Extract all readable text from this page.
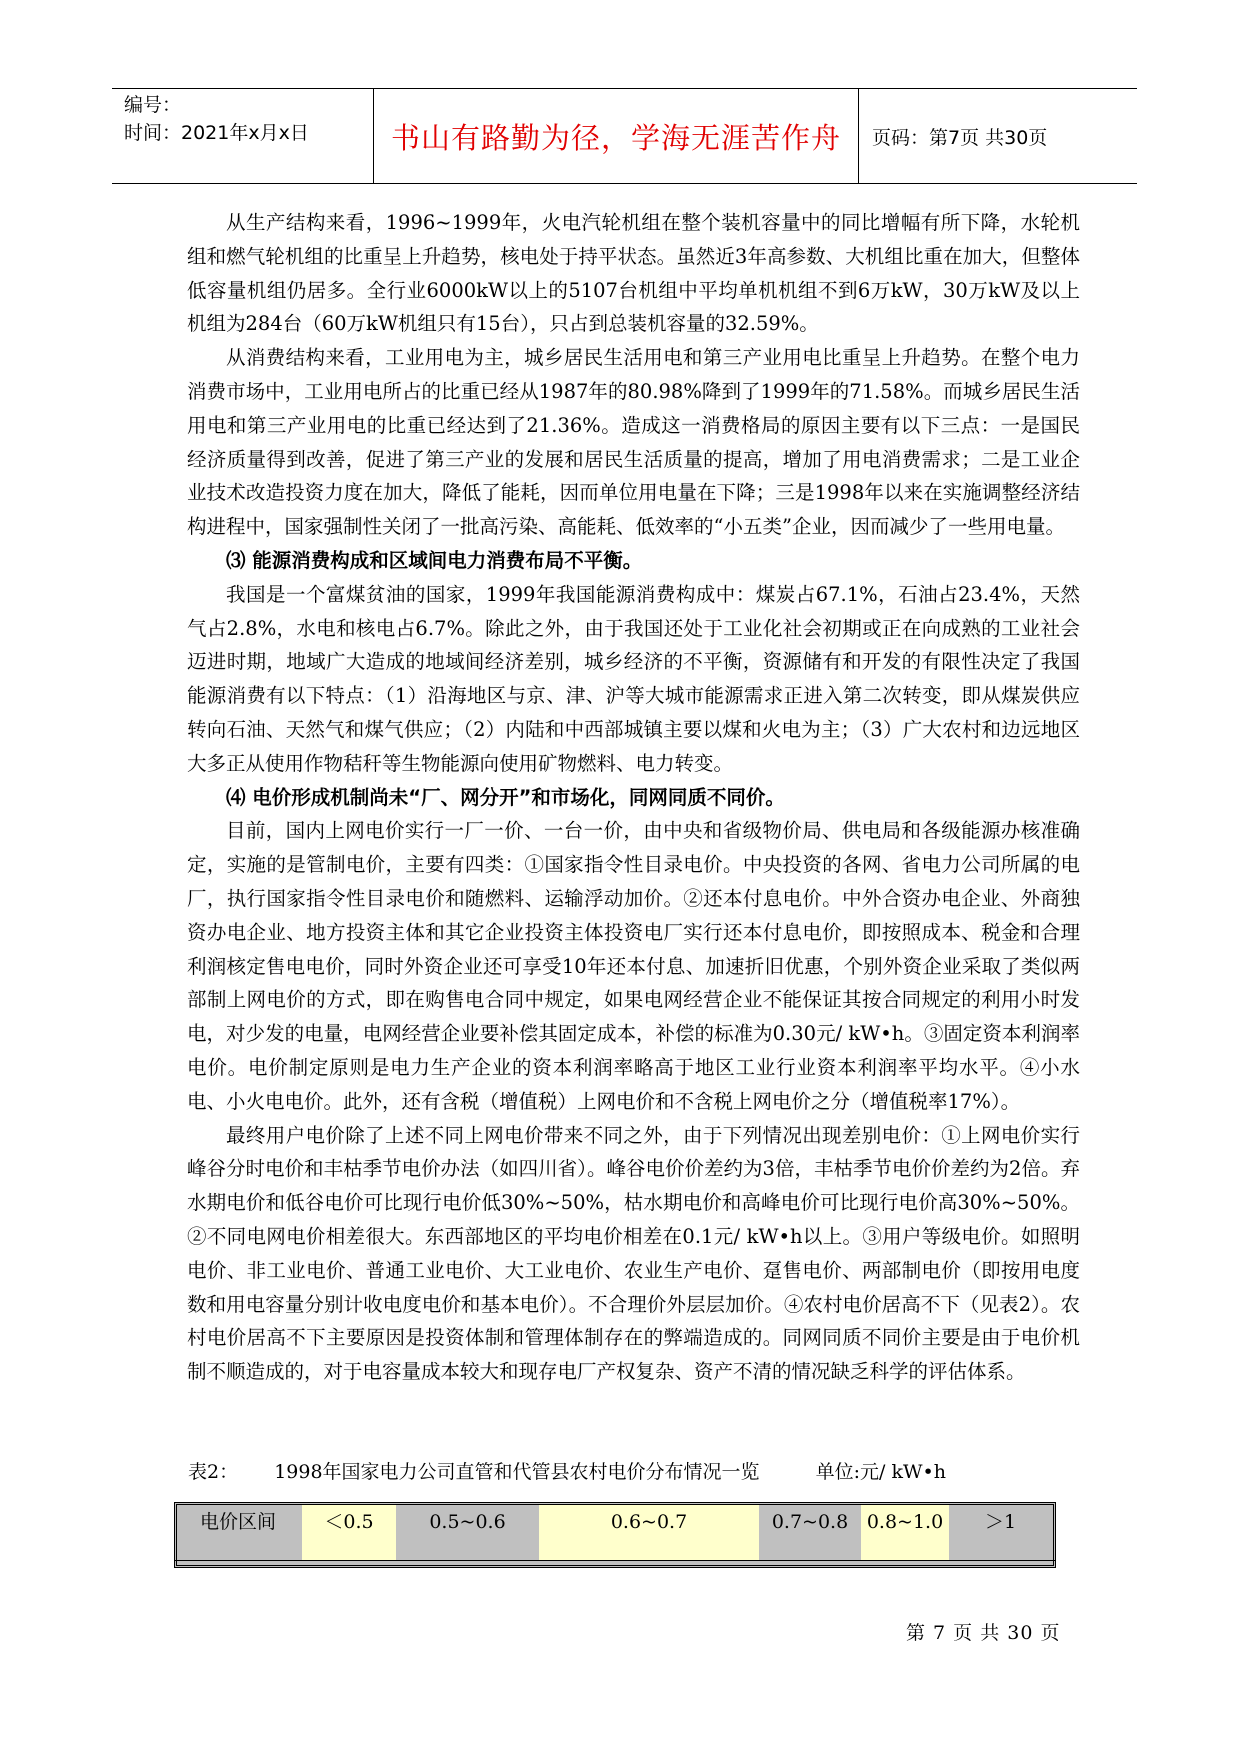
编号：
时间：2021年x月x日	书山有路勤为径，学海无涯苦作舟	页码：第7页 共30页

从生产结构来看，1996~1999年，火电汽轮机组在整个装机容量中的同比增幅有所下降，水轮机组和燃气轮机组的比重呈上升趋势，核电处于持平状态。虽然近3年高参数、大机组比重在加大，但整体低容量机组仍居多。全行业6000kW以上的5107台机组中平均单机机组不到6万kW，30万kW及以上机组为284台（60万kW机组只有15台），只占到总装机容量的32.59%。

从消费结构来看，工业用电为主，城乡居民生活用电和第三产业用电比重呈上升趋势。在整个电力消费市场中，工业用电所占的比重已经从1987年的80.98%降到了1999年的71.58%。而城乡居民生活用电和第三产业用电的比重已经达到了21.36%。造成这一消费格局的原因主要有以下三点：一是国民经济质量得到改善，促进了第三产业的发展和居民生活质量的提高，增加了用电消费需求；二是工业企业技术改造投资力度在加大，降低了能耗，因而单位用电量在下降；三是1998年以来在实施调整经济结构进程中，国家强制性关闭了一批高污染、高能耗、低效率的“小五类”企业，因而减少了一些用电量。

⑶ 能源消费构成和区域间电力消费布局不平衡。

我国是一个富煤贫油的国家，1999年我国能源消费构成中：煤炭占67.1%，石油占23.4%，天然气占2.8%，水电和核电占6.7%。除此之外，由于我国还处于工业化社会初期或正在向成熟的工业社会迈进时期，地域广大造成的地域间经济差别，城乡经济的不平衡，资源储有和开发的有限性决定了我国能源消费有以下特点：（1）沿海地区与京、津、沪等大城市能源需求正进入第二次转变，即从煤炭供应转向石油、天然气和煤气供应；（2）内陆和中西部城镇主要以煤和火电为主；（3）广大农村和边远地区大多正从使用作物秸秆等生物能源向使用矿物燃料、电力转变。

⑷ 电价形成机制尚未“厂、网分开”和市场化，同网同质不同价。

目前，国内上网电价实行一厂一价、一台一价，由中央和省级物价局、供电局和各级能源办核准确定，实施的是管制电价，主要有四类：①国家指令性目录电价。中央投资的各网、省电力公司所属的电厂，执行国家指令性目录电价和随燃料、运输浮动加价。②还本付息电价。中外合资办电企业、外商独资办电企业、地方投资主体和其它企业投资主体投资电厂实行还本付息电价，即按照成本、税金和合理利润核定售电电价，同时外资企业还可享受10年还本付息、加速折旧优惠，个别外资企业采取了类似两部制上网电价的方式，即在购售电合同中规定，如果电网经营企业不能保证其按合同规定的利用小时发电，对少发的电量，电网经营企业要补偿其固定成本，补偿的标准为0.30元/ kW•h。③固定资本利润率电价。电价制定原则是电力生产企业的资本利润率略高于地区工业行业资本利润率平均水平。④小水电、小火电电价。此外，还有含税（增值税）上网电价和不含税上网电价之分（增值税率17%）。

最终用户电价除了上述不同上网电价带来不同之外，由于下列情况出现差别电价：①上网电价实行峰谷分时电价和丰枯季节电价办法（如四川省）。峰谷电价价差约为3倍，丰枯季节电价价差约为2倍。弃水期电价和低谷电价可比现行电价低30%~50%，枯水期电价和高峰电价可比现行电价高30%~50%。②不同电网电价相差很大。东西部地区的平均电价相差在0.1元/ kW•h以上。③用户等级电价。如照明电价、非工业电价、普通工业电价、大工业电价、农业生产电价、趸售电价、两部制电价（即按用电度数和用电容量分别计收电度电价和基本电价）。不合理价外层层加价。④农村电价居高不下（见表2）。农村电价居高不下主要原因是投资体制和管理体制存在的弊端造成的。同网同质不同价主要是由于电价机制不顺造成的，对于电容量成本较大和现存电厂产权复杂、资产不清的情况缺乏科学的评估体系。

表2： 1998年国家电力公司直管和代管县农村电价分布情况一览	单位:元/ kW•h
电价区间	＜0.5	0.5~0.6	0.6~0.7	0.7~0.8 0.8~1.0	＞1
第 7 页 共 30 页
